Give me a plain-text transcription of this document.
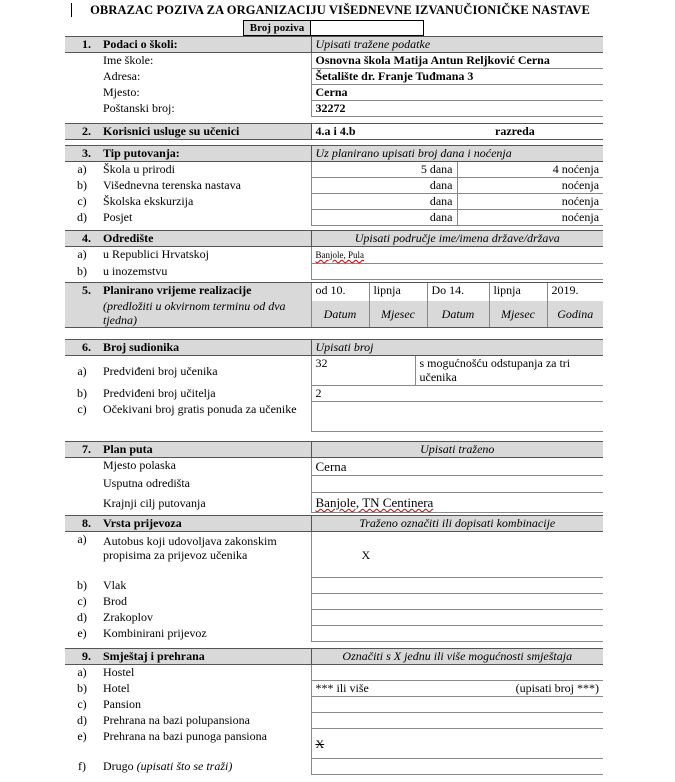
OBRAZAC POZIVA ZA ORGANIZACIJU VIŠEDNEVNE IZVANUČIONIČKE NASTAVE
Broj poziva
1.	Podaci o školi:	Upisati tražene podatke
	Ime škole:	Osnovna škola Matija Antun Reljković Cerna
	Adresa:	Šetalište dr. Franje Tuđmana 3
	Mjesto:	Cerna
	Poštanski broj:	32272
2.	Korisnici usluge su učenici	4.a i 4.b	razreda
3.	Tip putovanja:	Uz planirano upisati broj dana i noćenja	
a)	Škola u prirodi	5 dana	4 noćenja
b)	Višednevna terenska nastava	dana	noćenja
c)	Školska ekskurzija	dana	noćenja
d)	Posjet	dana	noćenja
4.	Odredište	Upisati područje ime/imena države/država
a)	u Republici Hrvatskoj	Banjole, Pula
b)	u inozemstvu	
5.	Planirano vrijeme realizacije	od 10.	lipnja	Do 14.	lipnja	2019.

	(predložiti u okvirnom terminu od dva tjedna)	Datum	Mjesec	Datum	Mjesec	Godina
6.	Broj sudionika	Upisati broj	
a)	Predviđeni broj učenika	32	s mogućnošću odstupanja za tri učenika
b)	Predviđeni broj učitelja	2	
c)	Očekivani broj gratis ponuda za učenike		
7.	Plan puta	Upisati traženo
	Mjesto polaska	Cerna
	Usputna odredišta	
	Krajnji cilj putovanja	Banjole, TN Centinera
8.	Vrsta prijevoza	Traženo označiti ili dopisati kombinacije
a)	Autobus koji udovoljava zakonskim propisima za prijevoz učenika	X
b)	Vlak	
c)	Brod	
d)	Zrakoplov	
e)	Kombinirani prijevoz	
9.	Smještaj i prehrana	Označiti s X jednu ili više mogućnosti smještaja
a)	Hostel	
b)	Hotel	*** ili više (upisati broj ***)

c)	Pansion	
d)	Prehrana na bazi polupansiona	
e)	Prehrana na bazi punoga pansiona	X
f)	Drugo (upisati što se traži)	
